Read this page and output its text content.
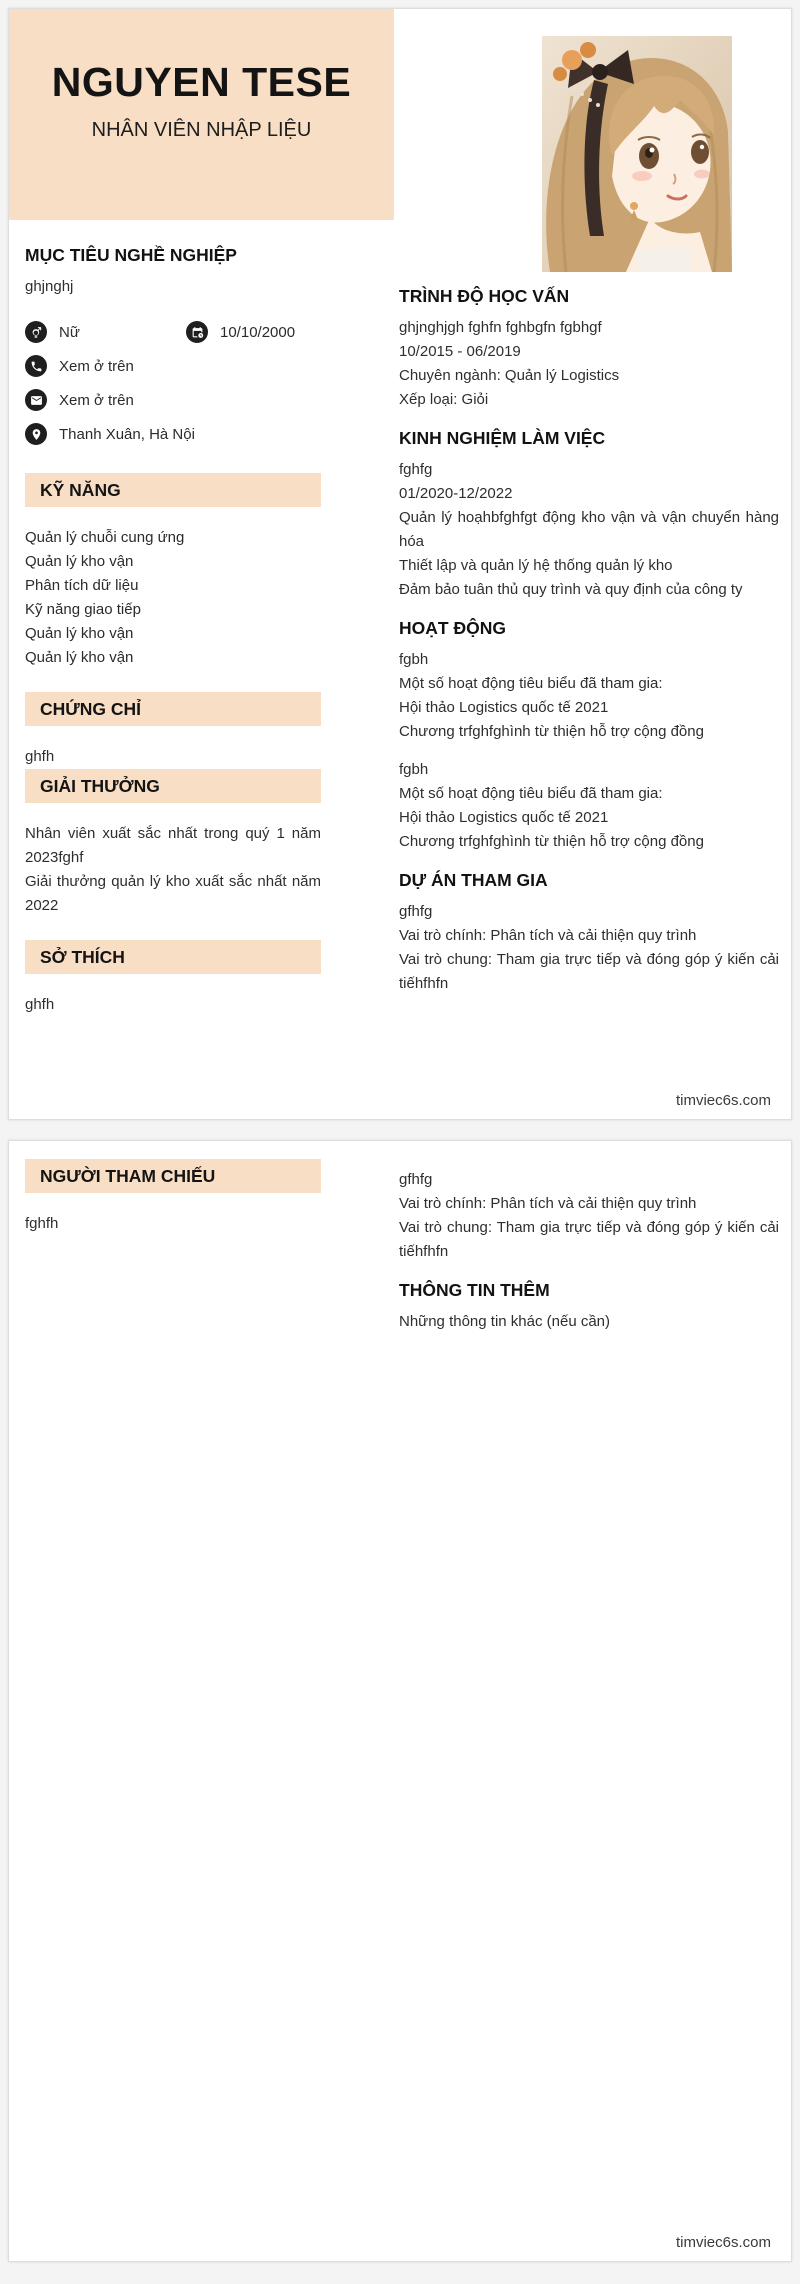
NGUYEN TESE
NHÂN VIÊN NHẬP LIỆU
MỤC TIÊU NGHỀ NGHIỆP

ghjnghj

Nữ	10/10/2000
Xem ở trên
Xem ở trên
Thanh Xuân, Hà Nội
KỸ NĂNG
Quản lý chuỗi cung ứng
Quản lý kho vận
Phân tích dữ liệu
Kỹ năng giao tiếp
Quản lý kho vận
Quản lý kho vận
CHỨNG CHỈ

ghfh

GIẢI THƯỞNG

Nhân viên xuất sắc nhất trong quý 1 năm 2023fghf

Giải thưởng quản lý kho xuất sắc nhất năm 2022

SỞ THÍCH

ghfh

TRÌNH ĐỘ HỌC VẤN

ghjnghjgh fghfn fghbgfn fgbhgf

10/2015 - 06/2019

Chuyên ngành: Quản lý Logistics

Xếp loại: Giỏi

KINH NGHIỆM LÀM VIỆC

fghfg

01/2020-12/2022

Quản lý hoạhbfghfgt động kho vận và vận chuyển hàng hóa

Thiết lập và quản lý hệ thống quản lý kho

Đảm bảo tuân thủ quy trình và quy định của công ty

HOẠT ĐỘNG

fgbh

Một số hoạt động tiêu biểu đã tham gia:

Hội thảo Logistics quốc tế 2021

Chương trfghfghình từ thiện hỗ trợ cộng đồng

fgbh

Một số hoạt động tiêu biểu đã tham gia:

Hội thảo Logistics quốc tế 2021

Chương trfghfghình từ thiện hỗ trợ cộng đồng

DỰ ÁN THAM GIA

gfhfg

Vai trò chính: Phân tích và cải thiện quy trình

Vai trò chung: Tham gia trực tiếp và đóng góp ý kiến cải tiếhfhfn

timviec6s.com
NGƯỜI THAM CHIẾU

fghfh

gfhfg

Vai trò chính: Phân tích và cải thiện quy trình

Vai trò chung: Tham gia trực tiếp và đóng góp ý kiến cải tiếhfhfn

THÔNG TIN THÊM

Những thông tin khác (nếu cần)

timviec6s.com
